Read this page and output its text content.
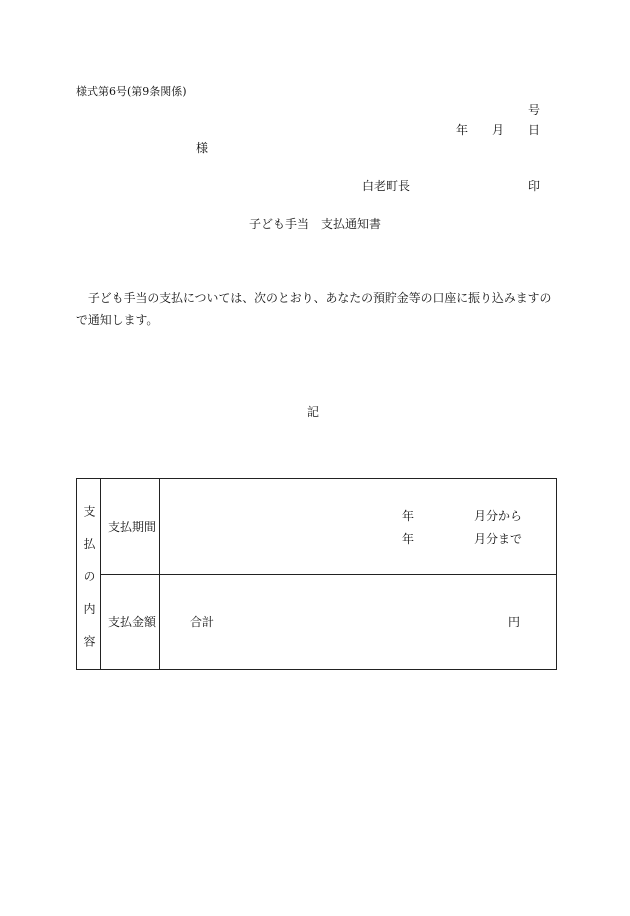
様式第6号(第9条関係)
号
年 月 日
様
白老町長	印
子ども手当　支払通知書
　子ども手当の支払については、次のとおり、あなたの預貯金等の口座に振り込みますの
で通知します。
記
支払の内容 支払期間
年	月分から
年	月分まで
支払金額	合計	円
